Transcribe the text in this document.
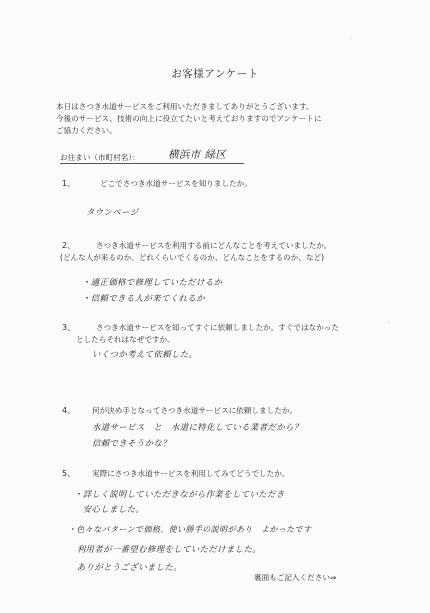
お客様アンケート
本日はさつき水道サービスをご利用いただきましてありがとうございます。
今後のサービス、技術の向上に役立てたいと考えておりますのでアンケートに
ご協力ください。
お住まい（市町村名）：	横浜市 緑区
1、	どこでさつき水道サービスを知りましたか。
タウンページ
2、	さつき水道サービスを利用する前にどんなことを考えていましたか。
(どんな人が来るのか、どれくらいでくるのか、どんなことをするのか、など)
・適正価格で修理していただけるか
・信頼できる人が来てくれるか
3、	さつき水道サービスを知ってすぐに依頼しましたか。すぐではなかった
としたらそれはなぜですか。
いくつか考えて依頼した。
4、 何が決め手となってさつき水道サービスに依頼しましたか。
水道サービス　と　水道に特化している業者だから？
信頼できそうかな？
5、 実際にさつき水道サービスを利用してみてどうでしたか。
・詳しく説明していただきながら作業をしていただき
　安心しました。
・色々なパターンで価格、使い勝手の説明があり　よかったです
　利用者が一番望む修理をしていただけました。
　ありがとうございました。
裏面もご記入ください⇒
